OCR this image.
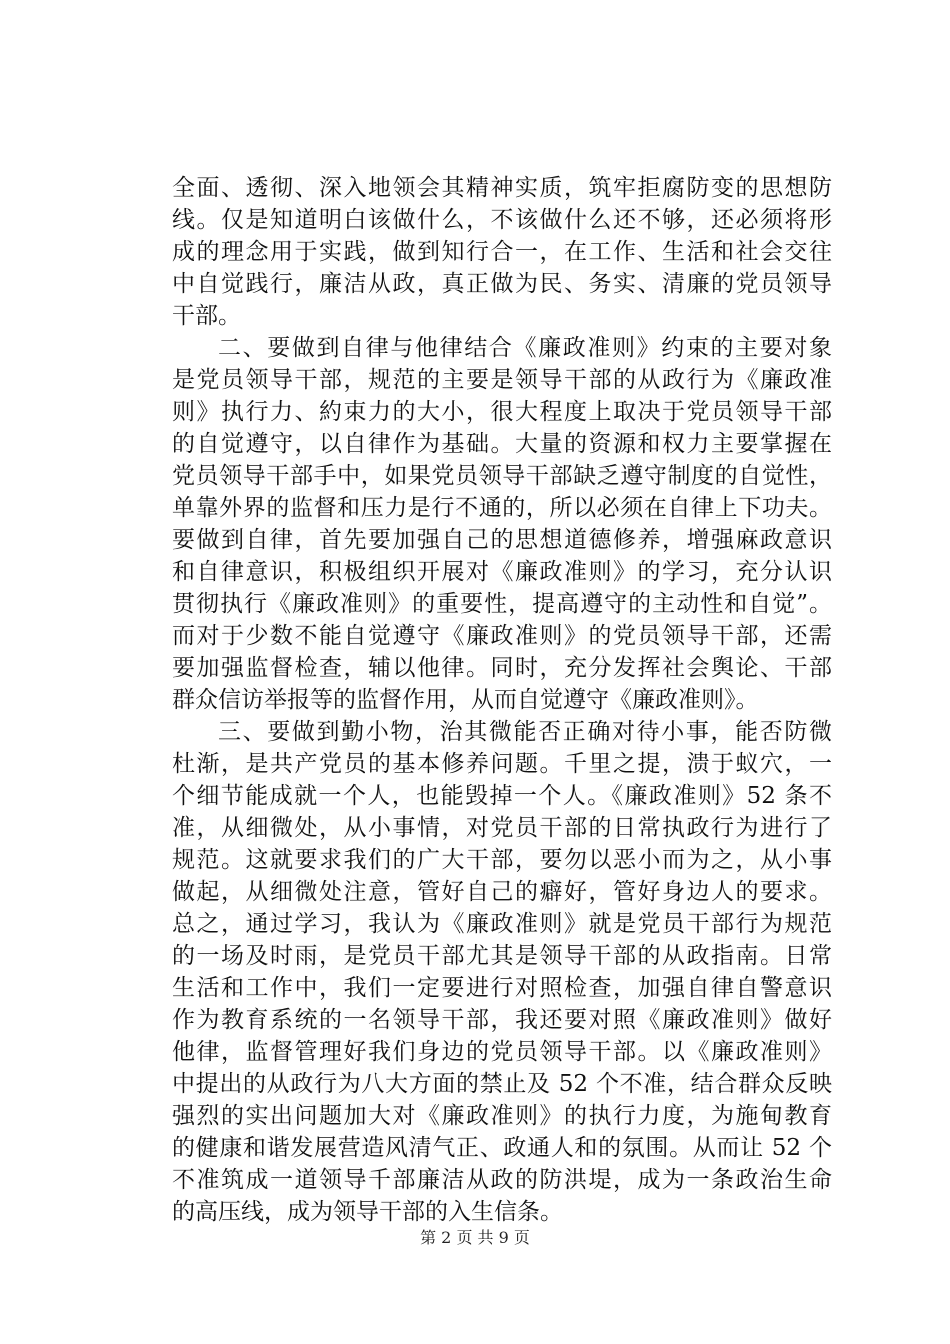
全面、透彻、深入地领会其精神实质，筑牢拒腐防变的思想防
线。仅是知道明白该做什么，不该做什么还不够，还必须将形
成的理念用于实践，做到知行合一，在工作、生活和社会交往
中自觉践行，廉洁从政，真正做为民、务实、清廉的党员领导
干部。
二、要做到自律与他律结合《廉政准则》约束的主要对象
是党员领导干部，规范的主要是领导干部的从政行为《廉政准
则》执行力、約束力的大小，很大程度上取决于党员领导干部
的自觉遵守，以自律作为基础。大量的资源和权力主要掌握在
党员领导干部手中，如果党员领导干部缺乏遵守制度的自觉性，
单靠外界的监督和压力是行不通的，所以必须在自律上下功夫。
要做到自律，首先要加强自己的思想道德修养，增强麻政意识
和自律意识，积极组织开展对《廉政准则》的学习，充分认识
贯彻执行《廉政准则》的重要性，提高遵守的主动性和自觉”。
而对于少数不能自觉遵守《廉政准则》的党员领导干部，还需
要加强监督检查，辅以他律。同时，充分发挥社会舆论、干部
群众信访举报等的监督作用，从而自觉遵守《廉政准则》。
三、要做到勤小物，治其微能否正确对待小事，能否防微
杜渐，是共产党员的基本修养问题。千里之提，溃于蚁穴，一
个细节能成就一个人，也能毁掉一个人。《廉政准则》52 条不
准，从细微处，从小事情，对党员干部的日常执政行为进行了
规范。这就要求我们的广大干部，要勿以恶小而为之，从小事
做起，从细微处注意，管好自己的癖好，管好身边人的要求。
总之，通过学习，我认为《廉政准则》就是党员干部行为规范
的一场及时雨，是党员干部尤其是领导干部的从政指南。日常
生活和工作中，我们一定要进行对照检查，加强自律自警意识
作为教育系统的一名领导干部，我还要对照《廉政准则》做好
他律，监督管理好我们身边的党员领导干部。以《廉政准则》
中提出的从政行为八大方面的禁止及 52 个不准，结合群众反映
强烈的实出问题加大对《廉政准则》的执行力度，为施甸教育
的健康和谐发展营造风清气正、政通人和的氛围。从而让 52 个
不准筑成一道领导千部廉洁从政的防洪堤，成为一条政治生命
的高压线，成为领导干部的入生信条。
第 2 页 共 9 页
